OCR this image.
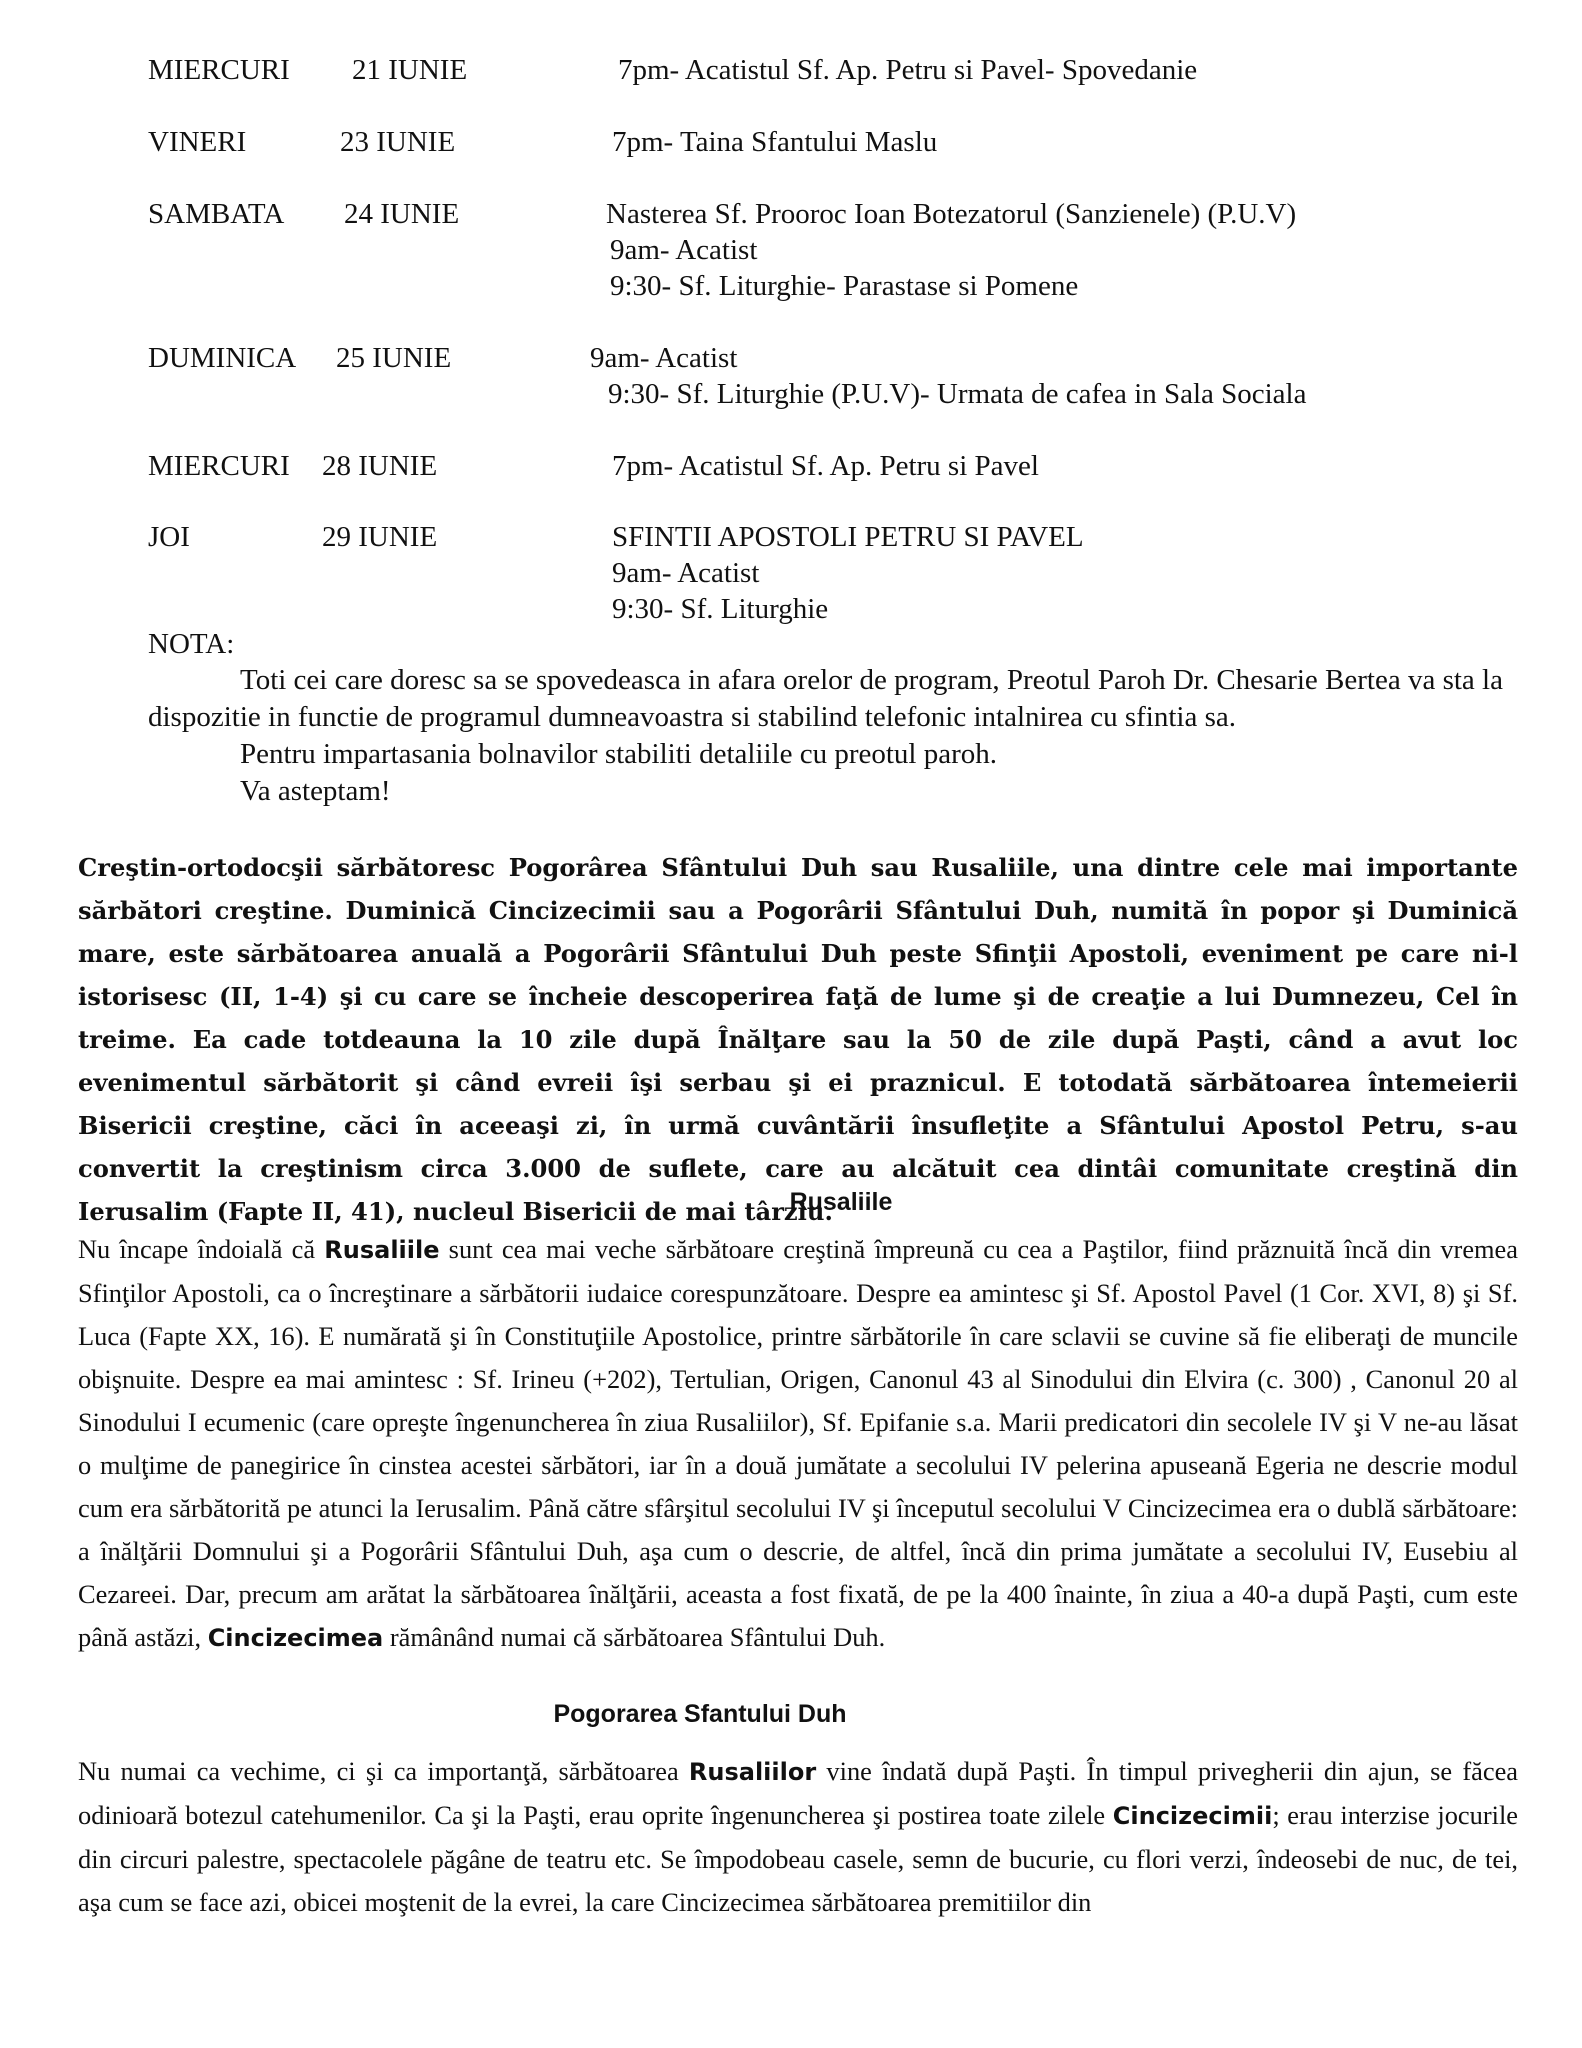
MIERCURI 21 IUNIE	7pm- Acatistul Sf. Ap. Petru si Pavel- Spovedanie
VINERI	23 IUNIE	7pm- Taina Sfantului Maslu
SAMBATA 24 IUNIE	Nasterea Sf. Prooroc Ioan Botezatorul (Sanzienele) (P.U.V)
9am- Acatist
9:30- Sf. Liturghie- Parastase si Pomene
DUMINICA 25 IUNIE	9am- Acatist
9:30- Sf. Liturghie (P.U.V)- Urmata de cafea in Sala Sociala
MIERCURI 28 IUNIE	7pm- Acatistul Sf. Ap. Petru si Pavel
JOI	29 IUNIE	SFINTII APOSTOLI PETRU SI PAVEL
9am- Acatist
9:30- Sf. Liturghie
NOTA:

Toti cei care doresc sa se spovedeasca in afara orelor de program, Preotul Paroh Dr. Chesarie Bertea va sta la dispozitie in functie de programul dumneavoastra si stabilind telefonic intalnirea cu sfintia sa.

Pentru impartasania bolnavilor stabiliti detaliile cu preotul paroh.

Va asteptam!

Creştin-ortodocşii sărbătoresc Pogorârea Sfântului Duh sau Rusaliile, una dintre cele mai importante sărbători creştine. Duminică Cincizecimii sau a Pogorârii Sfântului Duh, numită în popor şi Duminică mare, este sărbătoarea anuală a Pogorârii Sfântului Duh peste Sfinţii Apostoli, eveniment pe care ni-l istorisesc (II, 1-4) şi cu care se încheie descoperirea faţă de lume şi de creaţie a lui Dumnezeu, Cel în treime. Ea cade totdeauna la 10 zile după Înălţare sau la 50 de zile după Paşti, când a avut loc evenimentul sărbătorit şi când evreii îşi serbau şi ei praznicul. E totodată sărbătoarea întemeierii Bisericii creştine, căci în aceeaşi zi, în urmă cuvântării însufleţite a Sfântului Apostol Petru, s-au convertit la creştinism circa 3.000 de suflete, care au alcătuit cea dintâi comunitate creştină din Ierusalim (Fapte II, 41), nucleul Bisericii de mai târziu.

Rusaliile

Nu încape îndoială că Rusaliile sunt cea mai veche sărbătoare creştină împreună cu cea a Paştilor, fiind prăznuită încă din vremea Sfinţilor Apostoli, ca o încreştinare a sărbătorii iudaice corespunzătoare. Despre ea amintesc şi Sf. Apostol Pavel (1 Cor. XVI, 8) şi Sf. Luca (Fapte XX, 16). E numărată şi în Constituţiile Apostolice, printre sărbătorile în care sclavii se cuvine să fie eliberaţi de muncile obişnuite. Despre ea mai amintesc : Sf. Irineu (+202), Tertulian, Origen, Canonul 43 al Sinodului din Elvira (c. 300) , Canonul 20 al Sinodului I ecumenic (care opreşte îngenuncherea în ziua Rusaliilor), Sf. Epifanie s.a. Marii predicatori din secolele IV şi V ne-au lăsat o mulţime de panegirice în cinstea acestei sărbători, iar în a două jumătate a secolului IV pelerina apuseană Egeria ne descrie modul cum era sărbătorită pe atunci la Ierusalim. Până către sfârşitul secolului IV şi începutul secolului V Cincizecimea era o dublă sărbătoare: a înălţării Domnului şi a Pogorârii Sfântului Duh, aşa cum o descrie, de altfel, încă din prima jumătate a secolului IV, Eusebiu al Cezareei. Dar, precum am arătat la sărbătoarea înălţării, aceasta a fost fixată, de pe la 400 înainte, în ziua a 40-a după Paşti, cum este până astăzi, Cincizecimea rămânând numai că sărbătoarea Sfântului Duh.

Pogorarea Sfantului Duh

Nu numai ca vechime, ci şi ca importanţă, sărbătoarea Rusaliilor vine îndată după Paşti. În timpul privegherii din ajun, se făcea odinioară botezul catehumenilor. Ca şi la Paşti, erau oprite îngenuncherea şi postirea toate zilele Cincizecimii; erau interzise jocurile din circuri palestre, spectacolele păgâne de teatru etc. Se împodobeau casele, semn de bucurie, cu flori verzi, îndeosebi de nuc, de tei, aşa cum se face azi, obicei moştenit de la evrei, la care Cincizecimea sărbătoarea premitiilor din
